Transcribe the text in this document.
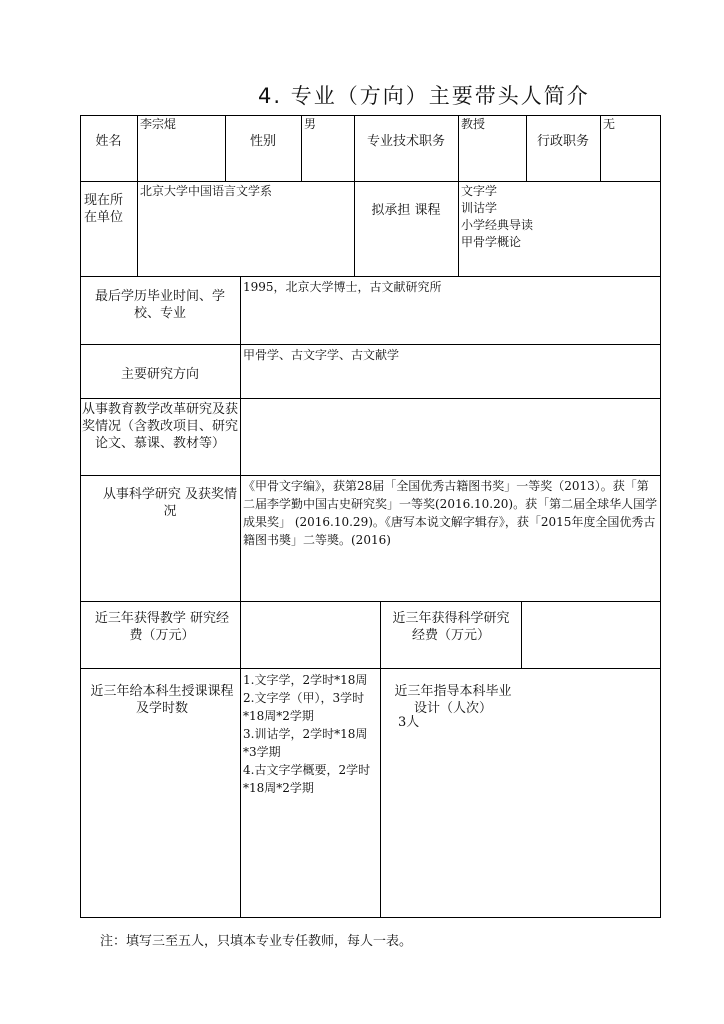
4. 专业（方向）主要带头人简介
姓名
李宗焜
性别
男
专业技术职务
教授
行政职务
无
现在所在单位
北京大学中国语言文学系
拟承担 课程
文字学
训诂学
小学经典导读
甲骨学概论
最后学历毕业时间、学校、专业
1995，北京大学博士，古文献研究所
主要研究方向
甲骨学、古文字学、古文献学
从事教育教学改革研究及获奖情况（含教改项目、研究论文、慕课、教材等）
从事科学研究 及获奖情况
《甲骨文字编》，获第28届「全国优秀古籍图书奖」一等奖（2013）。获「第二届李学勤中国古史研究奖」一等奖(2016.10.20)。获「第二届全球华人国学成果奖」 (2016.10.29)。《唐写本说文解字辑存》，获「2015年度全国优秀古籍图书奬」二等奬。(2016)
近三年获得教学 研究经费（万元）
近三年获得科学研究经费（万元）
近三年给本科生授课课程及学时数
1.文字学，2学时*18周
2.文字学（甲），3学时*18周*2学期
3.训诂学，2学时*18周*3学期
4.古文字学概要，2学时*18周*2学期
近三年指导本科毕业设计（人次）
3人
注：填写三至五人，只填本专业专任教师，每人一表。
